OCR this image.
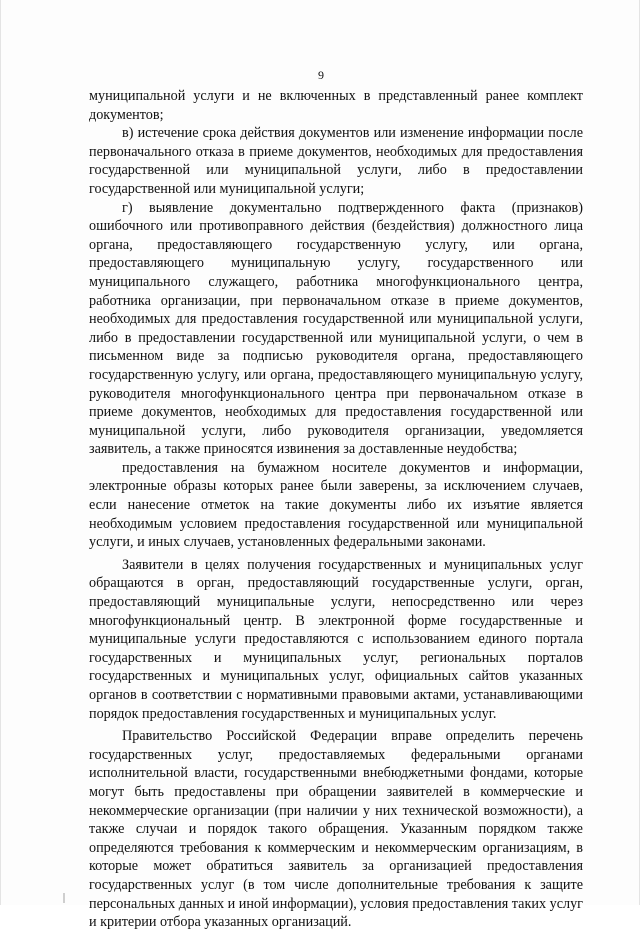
9

муниципальной услуги и не включенных в представленный ранее комплект документов;

в) истечение срока действия документов или изменение информации после первоначального отказа в приеме документов, необходимых для предоставления государственной или муниципальной услуги, либо в предоставлении государственной или муниципальной услуги;

г) выявление документально подтвержденного факта (признаков) ошибочного или противоправного действия (бездействия) должностного лица органа, предоставляющего государственную услугу, или органа, предоставляющего муниципальную услугу, государственного или муниципального служащего, работника многофункционального центра, работника организации, при первоначальном отказе в приеме документов, необходимых для предоставления государственной или муниципальной услуги, либо в предоставлении государственной или муниципальной услуги, о чем в письменном виде за подписью руководителя органа, предоставляющего государственную услугу, или органа, предоставляющего муниципальную услугу, руководителя многофункционального центра при первоначальном отказе в приеме документов, необходимых для предоставления государственной или муниципальной услуги, либо руководителя организации, уведомляется заявитель, а также приносятся извинения за доставленные неудобства;

предоставления на бумажном носителе документов и информации, электронные образы которых ранее были заверены, за исключением случаев, если нанесение отметок на такие документы либо их изъятие является необходимым условием предоставления государственной или муниципальной услуги, и иных случаев, установленных федеральными законами.

Заявители в целях получения государственных и муниципальных услуг обращаются в орган, предоставляющий государственные услуги, орган, предоставляющий муниципальные услуги, непосредственно или через многофункциональный центр. В электронной форме государственные и муниципальные услуги предоставляются с использованием единого портала государственных и муниципальных услуг, региональных порталов государственных и муниципальных услуг, официальных сайтов указанных органов в соответствии с нормативными правовыми актами, устанавливающими порядок предоставления государственных и муниципальных услуг.

Правительство Российской Федерации вправе определить перечень государственных услуг, предоставляемых федеральными органами исполнительной власти, государственными внебюджетными фондами, которые могут быть предоставлены при обращении заявителей в коммерческие и некоммерческие организации (при наличии у них технической возможности), а также случаи и порядок такого обращения. Указанным порядком также определяются требования к коммерческим и некоммерческим организациям, в которые может обратиться заявитель за организацией предоставления государственных услуг (в том числе дополнительные требования к защите персональных данных и иной информации), условия предоставления таких услуг и критерии отбора указанных организаций.
